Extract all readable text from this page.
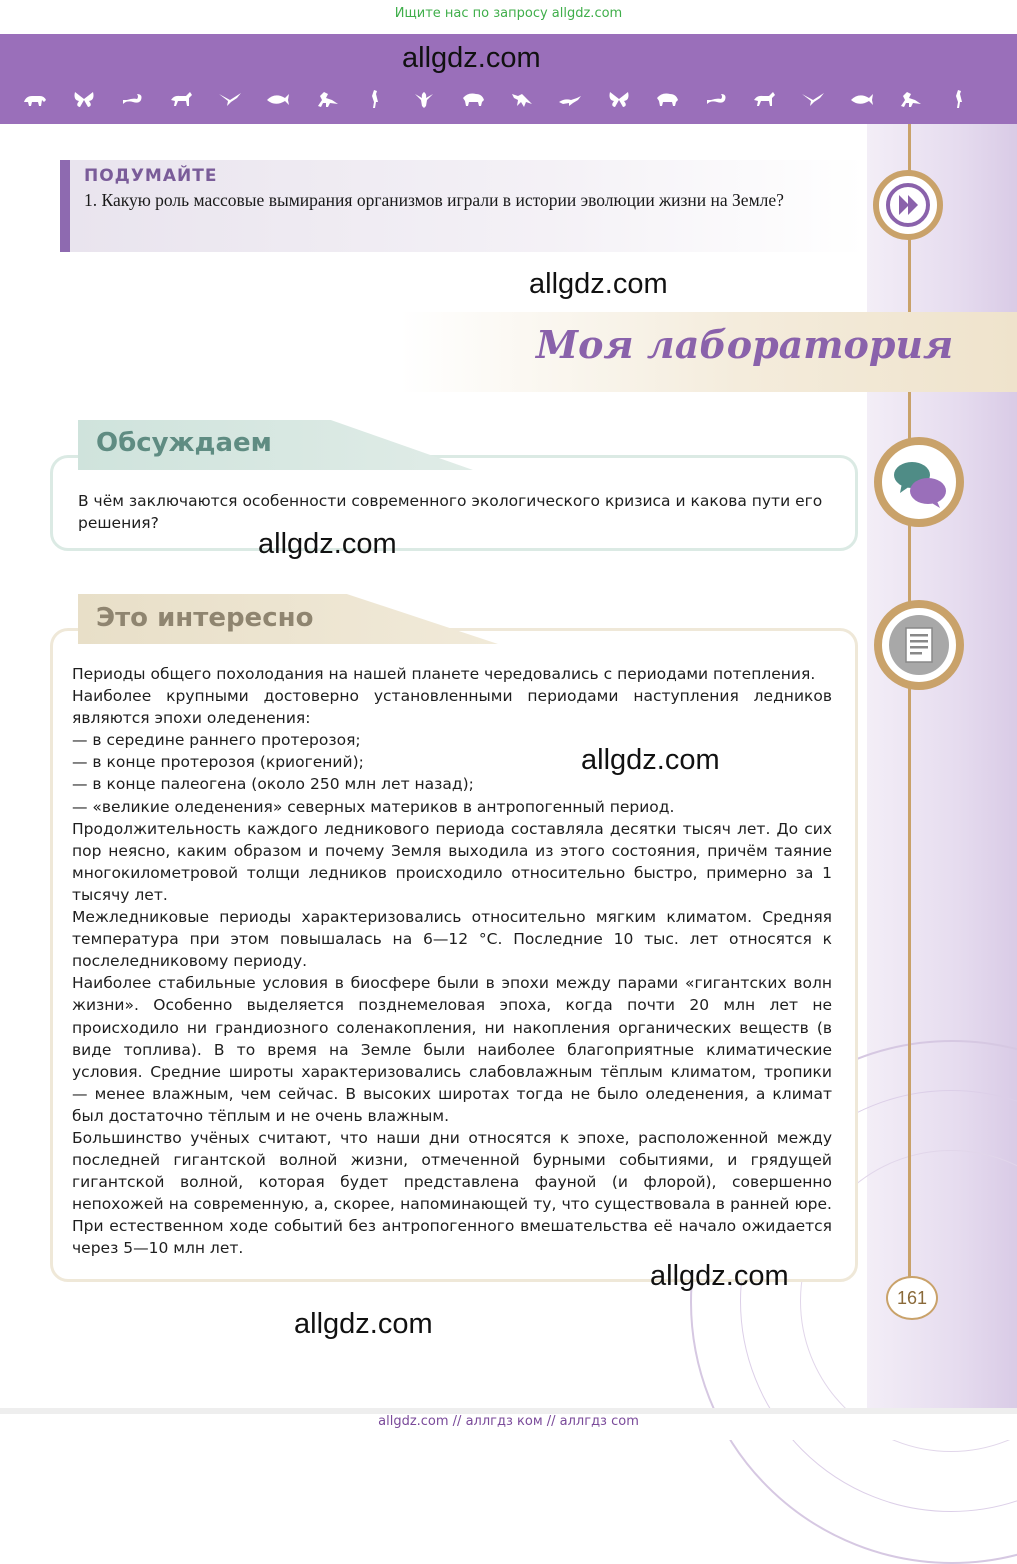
Ищите нас по запросу allgdz.com
allgdz.com
ПОДУМАЙТЕ
1. Какую роль массовые вымирания организмов играли в истории эволюции жизни на Земле?
allgdz.com
Моя лаборатория
Обсуждаем
В чём заключаются особенности современного экологического кризиса и какова пути его решения?
allgdz.com
Это интересно

Периоды общего похолодания на нашей планете чередовались с периодами потепления.

Наиболее крупными достоверно установленными периодами наступления ледников являются эпохи оледенения:

— в середине раннего протерозоя;

— в конце протерозоя (криогений);

— в конце палеогена (около 250 млн лет назад);

— «великие оледенения» северных материков в антропогенный период.

Продолжительность каждого ледникового периода составляла десятки тысяч лет. До сих пор неясно, каким образом и почему Земля выходила из этого состояния, причём таяние многокилометровой толщи ледников происходило относительно быстро, примерно за 1 тысячу лет.

Межледниковые периоды характеризовались относительно мягким климатом. Средняя температура при этом повышалась на 6—12 °C. Последние 10 тыс. лет относятся к послеледниковому периоду.

Наиболее стабильные условия в биосфере были в эпохи между парами «гигантских волн жизни». Особенно выделяется позднемеловая эпоха, когда почти 20 млн лет не происходило ни грандиозного соленакопления, ни накопления органических веществ (в виде топлива). В то время на Земле были наиболее благоприятные климатические условия. Средние широты характеризовались слабовлажным тёплым климатом, тропики — менее влажным, чем сейчас. В высоких широтах тогда не было оледенения, а климат был достаточно тёплым и не очень влажным.

Большинство учёных считают, что наши дни относятся к эпохе, расположенной между последней гигантской волной жизни, отмеченной бурными событиями, и грядущей гигантской волной, которая будет представлена фауной (и флорой), совершенно непохожей на современную, а, скорее, напоминающей ту, что существовала в ранней юре. При естественном ходе событий без антропогенного вмешательства её начало ожидается через 5—10 млн лет.

allgdz.com
allgdz.com
allgdz.com
161
allgdz.com // аллгдз ком // аллгдз com
